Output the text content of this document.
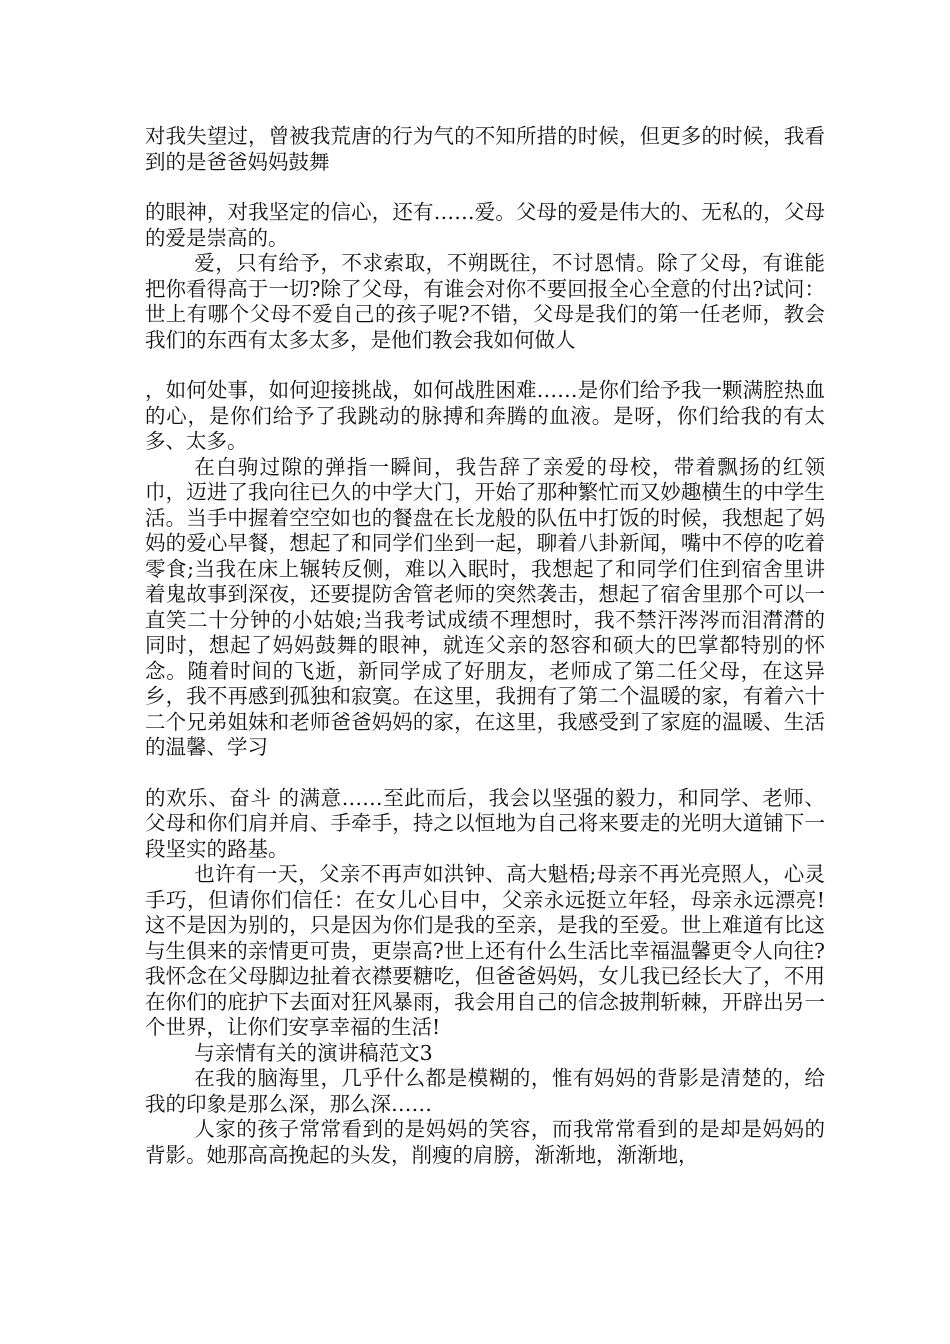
对我失望过，曾被我荒唐的行为气的不知所措的时候，但更多的时候，我看到的是爸爸妈妈鼓舞

的眼神，对我坚定的信心，还有……爱。父母的爱是伟大的、无私的，父母的爱是崇高的。

爱，只有给予，不求索取，不朔既往，不讨恩情。除了父母，有谁能把你看得高于一切?除了父母，有谁会对你不要回报全心全意的付出?试问：世上有哪个父母不爱自己的孩子呢?不错，父母是我们的第一任老师，教会我们的东西有太多太多，是他们教会我如何做人

，如何处事，如何迎接挑战，如何战胜困难……是你们给予我一颗满腔热血的心，是你们给予了我跳动的脉搏和奔腾的血液。是呀，你们给我的有太多、太多。

在白驹过隙的弹指一瞬间，我告辞了亲爱的母校，带着飘扬的红领巾，迈进了我向往已久的中学大门，开始了那种繁忙而又妙趣横生的中学生活。当手中握着空空如也的餐盘在长龙般的队伍中打饭的时候，我想起了妈妈的爱心早餐，想起了和同学们坐到一起，聊着八卦新闻，嘴中不停的吃着零食;当我在床上辗转反侧，难以入眠时，我想起了和同学们住到宿舍里讲着鬼故事到深夜，还要提防舍管老师的突然袭击，想起了宿舍里那个可以一直笑二十分钟的小姑娘;当我考试成绩不理想时，我不禁汗涔涔而泪潸潸的同时，想起了妈妈鼓舞的眼神，就连父亲的怒容和硕大的巴掌都特别的怀念。随着时间的飞逝，新同学成了好朋友，老师成了第二任父母，在这异乡，我不再感到孤独和寂寞。在这里，我拥有了第二个温暖的家，有着六十二个兄弟姐妹和老师爸爸妈妈的家，在这里，我感受到了家庭的温暖、生活的温馨、学习

的欢乐、奋斗 的满意……至此而后，我会以坚强的毅力，和同学、老师、父母和你们肩并肩、手牵手，持之以恒地为自己将来要走的光明大道铺下一段坚实的路基。

也许有一天，父亲不再声如洪钟、高大魁梧;母亲不再光亮照人，心灵手巧，但请你们信任：在女儿心目中，父亲永远挺立年轻，母亲永远漂亮!这不是因为别的，只是因为你们是我的至亲，是我的至爱。世上难道有比这与生俱来的亲情更可贵，更崇高?世上还有什么生活比幸福温馨更令人向往?我怀念在父母脚边扯着衣襟要糖吃，但爸爸妈妈，女儿我已经长大了，不用在你们的庇护下去面对狂风暴雨，我会用自己的信念披荆斩棘，开辟出另一个世界，让你们安享幸福的生活!

与亲情有关的演讲稿范文3

在我的脑海里，几乎什么都是模糊的，惟有妈妈的背影是清楚的，给我的印象是那么深，那么深……

人家的孩子常常看到的是妈妈的笑容，而我常常看到的是却是妈妈的背影。她那高高挽起的头发，削瘦的肩膀，渐渐地，渐渐地，
